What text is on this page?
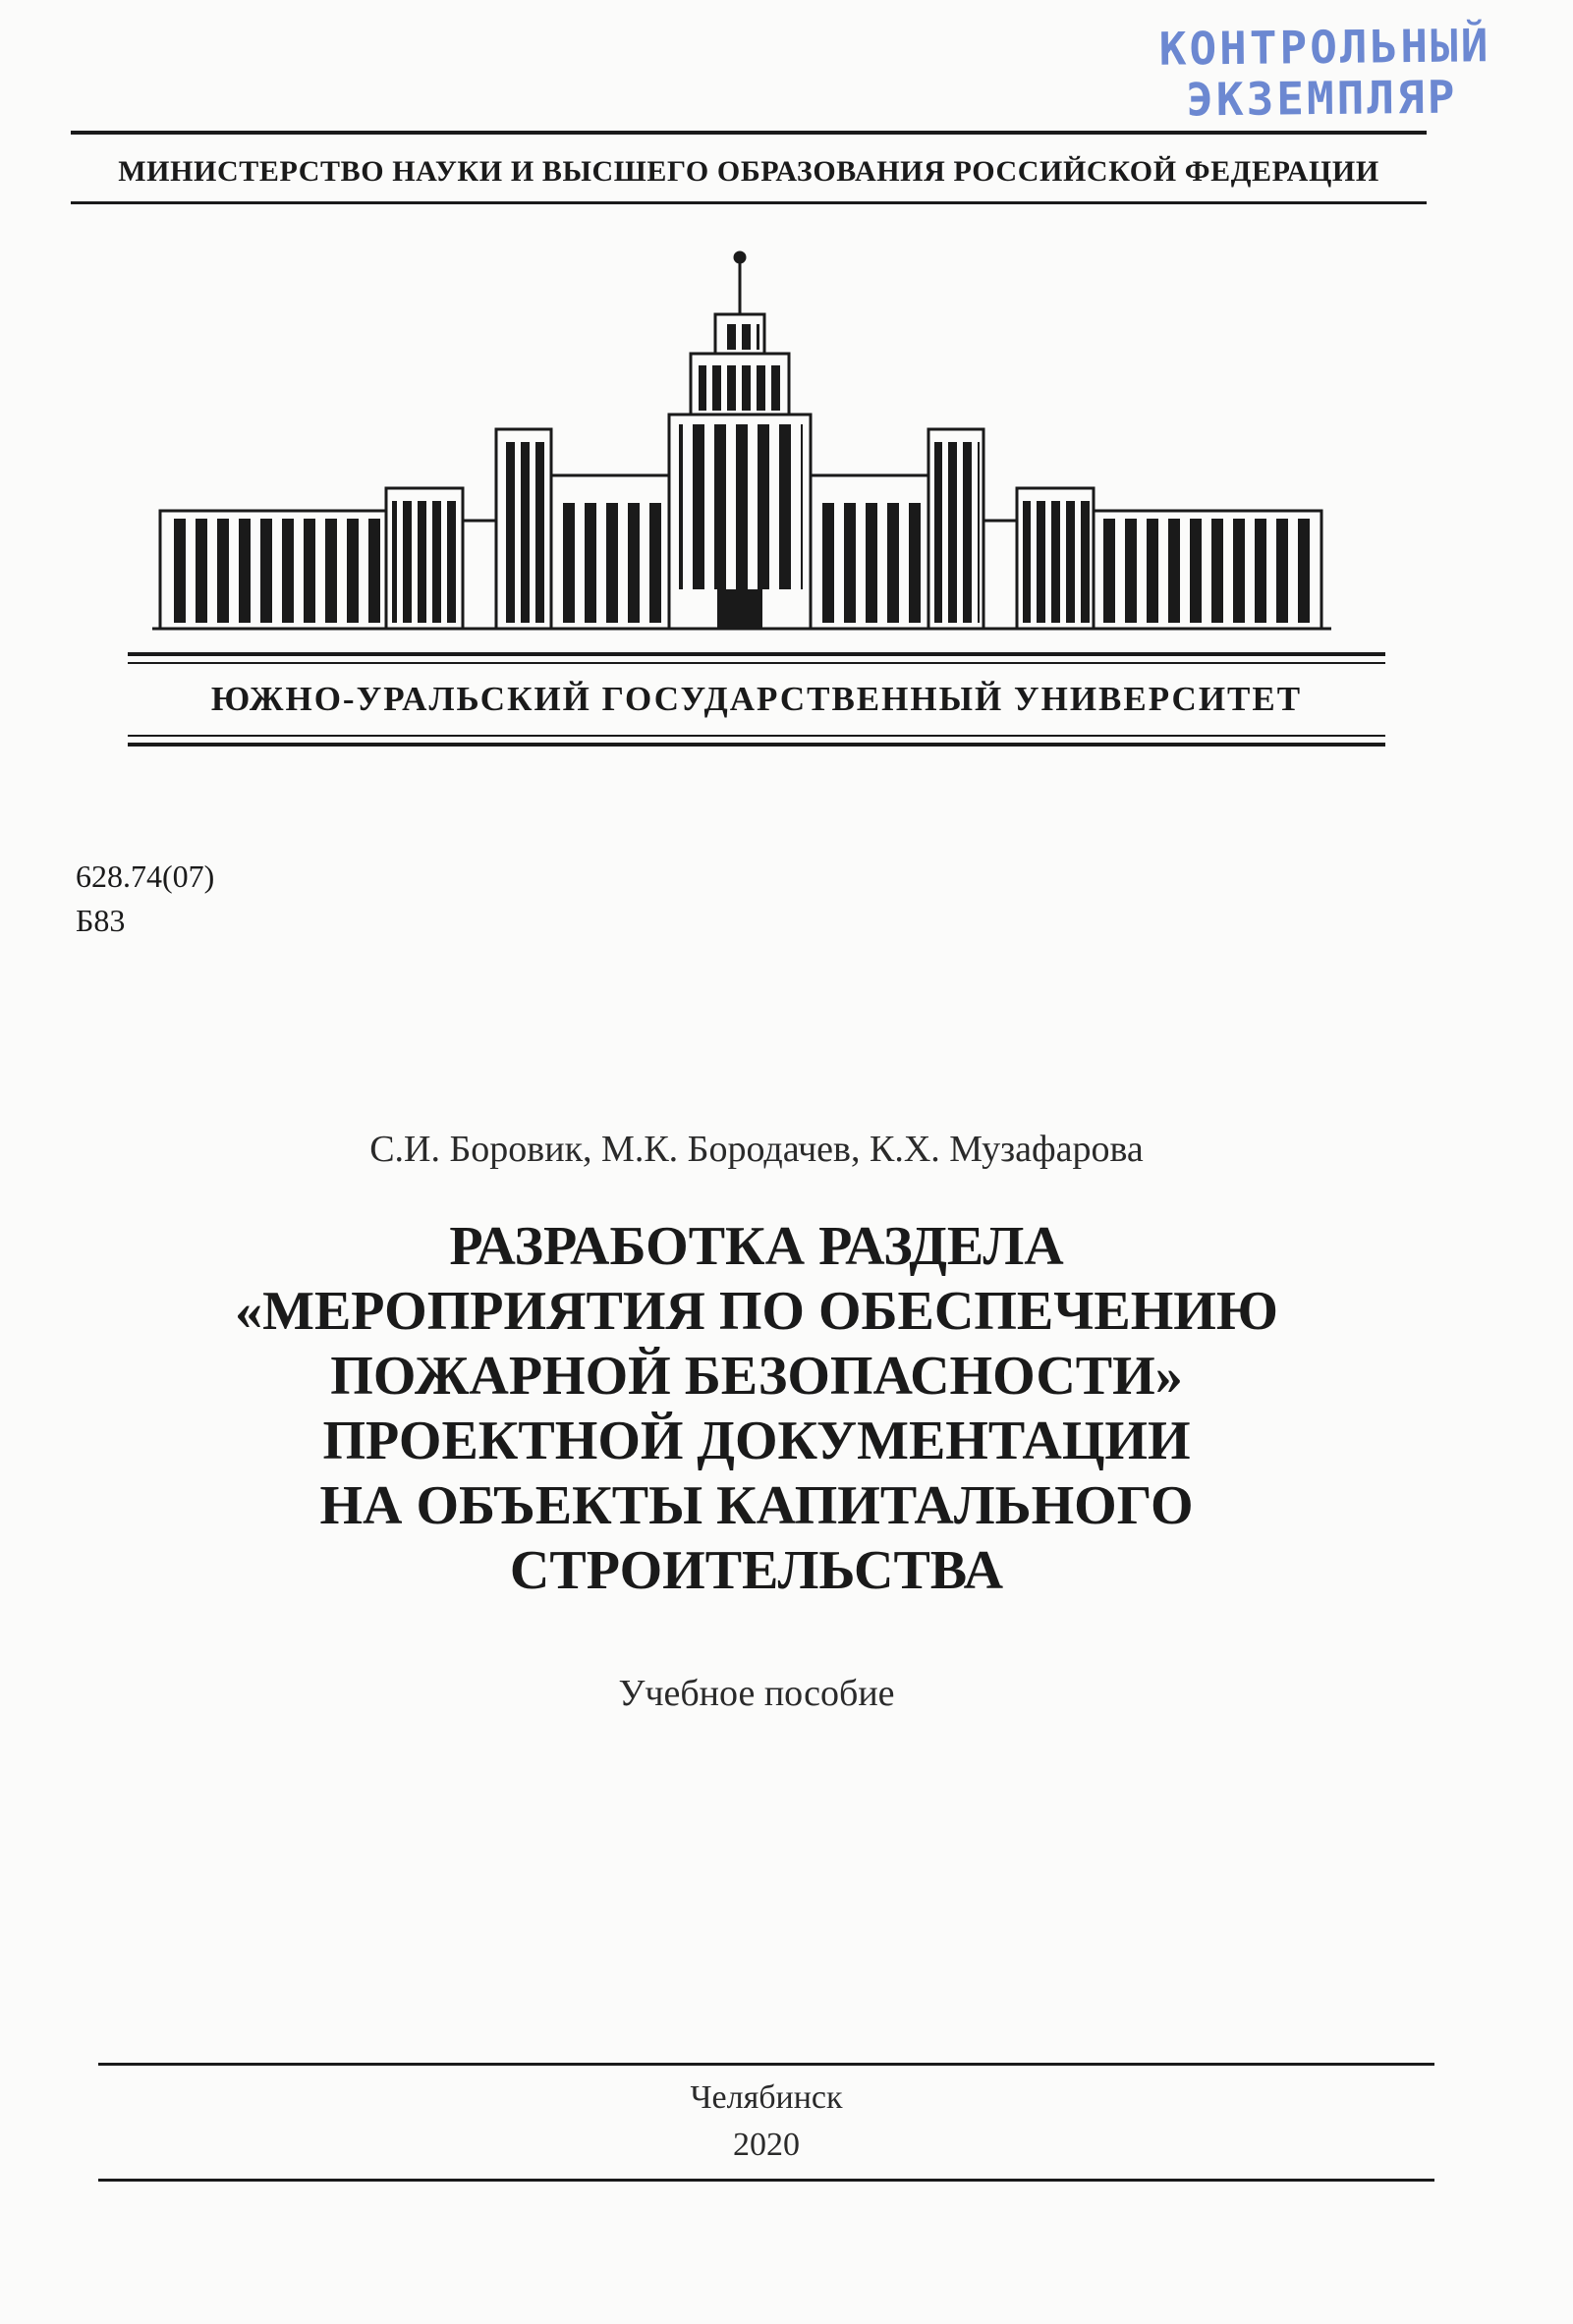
КОНТРОЛЬНЫЙ
ЭКЗЕМПЛЯР
МИНИСТЕРСТВО НАУКИ И ВЫСШЕГО ОБРАЗОВАНИЯ РОССИЙСКОЙ ФЕДЕРАЦИИ
ЮЖНО-УРАЛЬСКИЙ ГОСУДАРСТВЕННЫЙ УНИВЕРСИТЕТ
628.74(07)
Б83
С.И. Боровик, М.К. Бородачев, К.Х. Музафарова
РАЗРАБОТКА РАЗДЕЛА
«МЕРОПРИЯТИЯ ПО ОБЕСПЕЧЕНИЮ
ПОЖАРНОЙ БЕЗОПАСНОСТИ»
ПРОЕКТНОЙ ДОКУМЕНТАЦИИ
НА ОБЪЕКТЫ КАПИТАЛЬНОГО
СТРОИТЕЛЬСТВА
Учебное пособие
Челябинск
2020
